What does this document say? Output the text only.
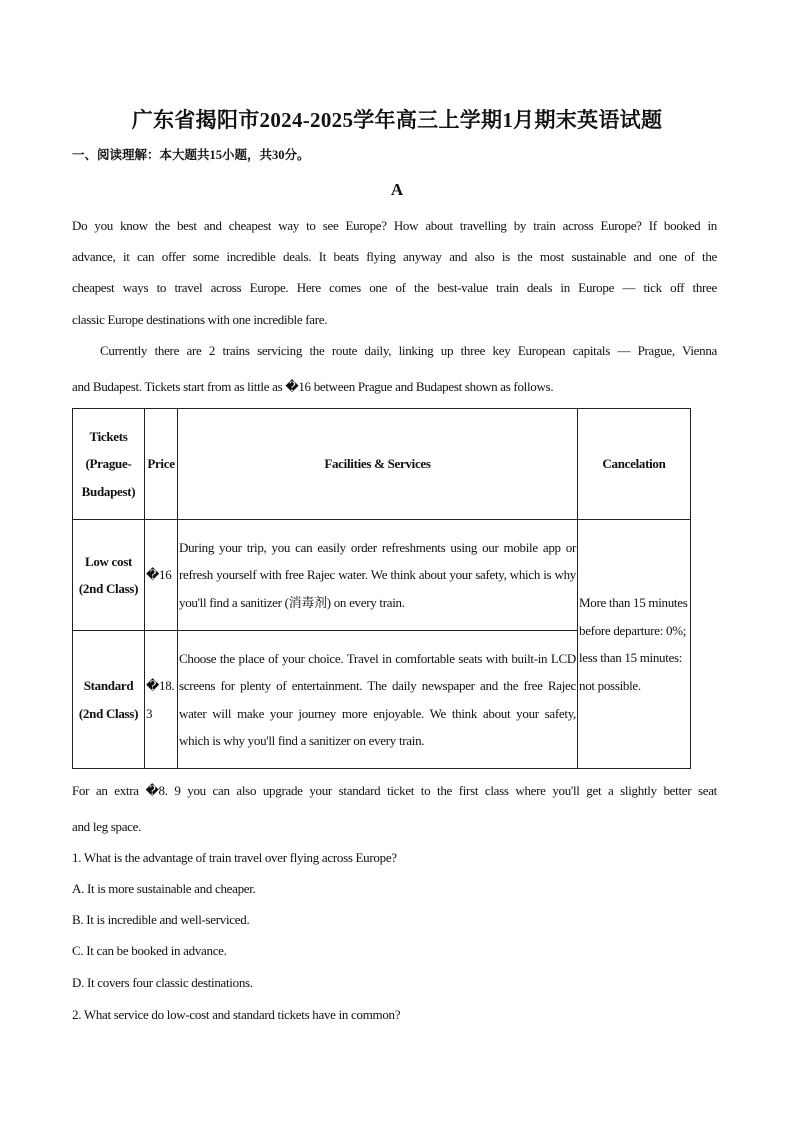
广东省揭阳市2024-2025学年高三上学期1月期末英语试题
一、阅读理解：本大题共15小题，共30分。
A
Do you know the best and cheapest way to see Europe? How about travelling by train across Europe? If booked in
advance, it can offer some incredible deals. It beats flying anyway and also is the most sustainable and one of the
cheapest ways to travel across Europe. Here comes one of the best-value train deals in Europe — tick off three
classic Europe destinations with one incredible fare.
Currently there are 2 trains servicing the route daily, linking up three key European capitals — Prague, Vienna
and Budapest. Tickets start from as little as �16 between Prague and Budapest shown as follows.
Tickets (Prague-Budapest)	Price	Facilities & Services	Cancelation
Low cost (2nd Class)	�16	During your trip, you can easily order refreshments using our mobile app or refresh yourself with free Rajec water. We think about your safety, which is why you'll find a sanitizer (消毒剂) on every train.	More than 15 minutes before departure: 0%; less than 15 minutes: not possible.
Standard (2nd Class)	�18.3	Choose the place of your choice. Travel in comfortable seats with built-in LCD screens for plenty of entertainment. The daily newspaper and the free Rajec water will make your journey more enjoyable. We think about your safety, which is why you'll find a sanitizer on every train.	
For an extra �8. 9 you can also upgrade your standard ticket to the first class where you'll get a slightly better seat
and leg space.
1. What is the advantage of train travel over flying across Europe?
A. It is more sustainable and cheaper.
B. It is incredible and well-serviced.
C. It can be booked in advance.
D. It covers four classic destinations.
2. What service do low-cost and standard tickets have in common?
